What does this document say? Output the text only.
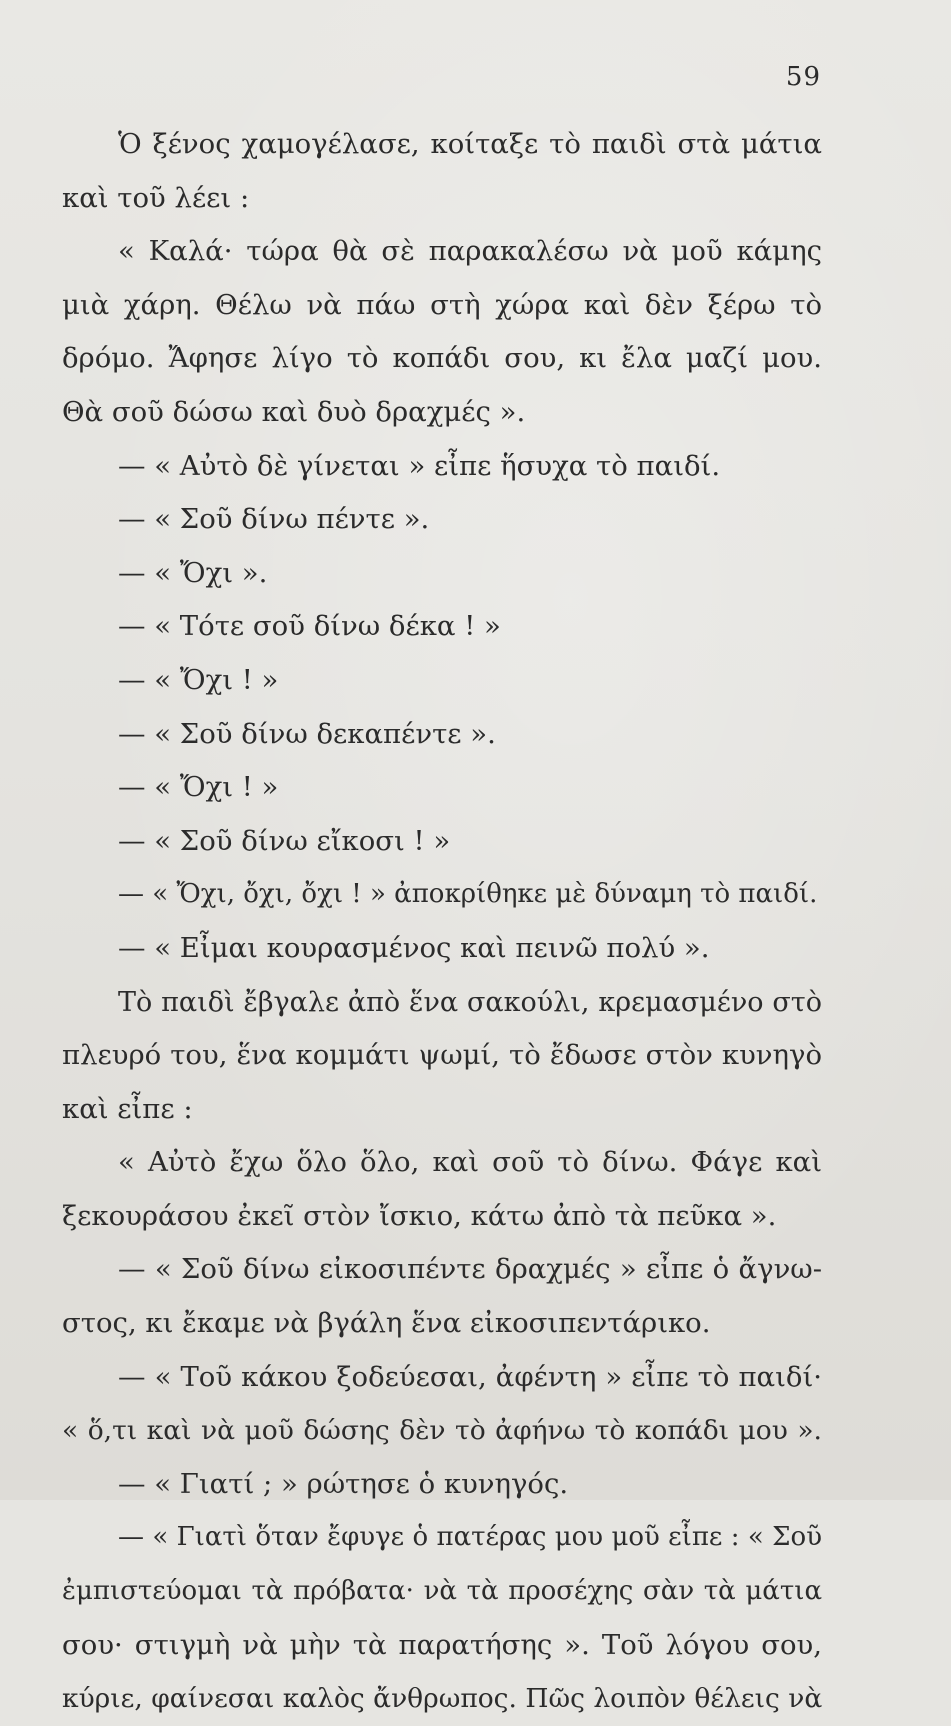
59
Ὁ ξένος χαμογέλασε, κοίταξε τὸ παιδὶ στὰ μάτια
καὶ τοῦ λέει :
« Καλά· τώρα θὰ σὲ παρακαλέσω νὰ μοῦ κάμης
μιὰ χάρη. Θέλω νὰ πάω στὴ χώρα καὶ δὲν ξέρω τὸ
δρόμο. Ἄφησε λίγο τὸ κοπάδι σου, κι ἔλα μαζί μου.
Θὰ σοῦ δώσω καὶ δυὸ δραχμές ».
— « Αὐτὸ δὲ γίνεται » εἶπε ἥσυχα τὸ παιδί.
— « Σοῦ δίνω πέντε ».
— « Ὄχι ».
— « Τότε σοῦ δίνω δέκα ! »
— « Ὄχι ! »
— « Σοῦ δίνω δεκαπέντε ».
— « Ὄχι ! »
— « Σοῦ δίνω εἴκοσι ! »
— « Ὄχι, ὄχι, ὄχι ! » ἀποκρίθηκε μὲ δύναμη τὸ παιδί.
— « Εἶμαι κουρασμένος καὶ πεινῶ πολύ ».
Τὸ παιδὶ ἔβγαλε ἀπὸ ἕνα σακούλι, κρεμασμένο στὸ
πλευρό του, ἕνα κομμάτι ψωμί, τὸ ἔδωσε στὸν κυνηγὸ
καὶ εἶπε :
« Αὐτὸ ἔχω ὅλο ὅλο, καὶ σοῦ τὸ δίνω. Φάγε καὶ
ξεκουράσου ἐκεῖ στὸν ἴσκιο, κάτω ἀπὸ τὰ πεῦκα ».
— « Σοῦ δίνω εἰκοσιπέντε δραχμές » εἶπε ὁ ἄγνω-
στος, κι ἔκαμε νὰ βγάλη ἕνα εἰκοσιπεντάρικο.
— « Τοῦ κάκου ξοδεύεσαι, ἀφέντη » εἶπε τὸ παιδί·
« ὅ,τι καὶ νὰ μοῦ δώσης δὲν τὸ ἀφήνω τὸ κοπάδι μου ».
— « Γιατί ; » ρώτησε ὁ κυνηγός.
— « Γιατὶ ὅταν ἔφυγε ὁ πατέρας μου μοῦ εἶπε : « Σοῦ
ἐμπιστεύομαι τὰ πρόβατα· νὰ τὰ προσέχης σὰν τὰ μάτια
σου· στιγμὴ νὰ μὴν τὰ παρατήσης ». Τοῦ λόγου σου,
κύριε, φαίνεσαι καλὸς ἄνθρωπος. Πῶς λοιπὸν θέλεις νὰ
